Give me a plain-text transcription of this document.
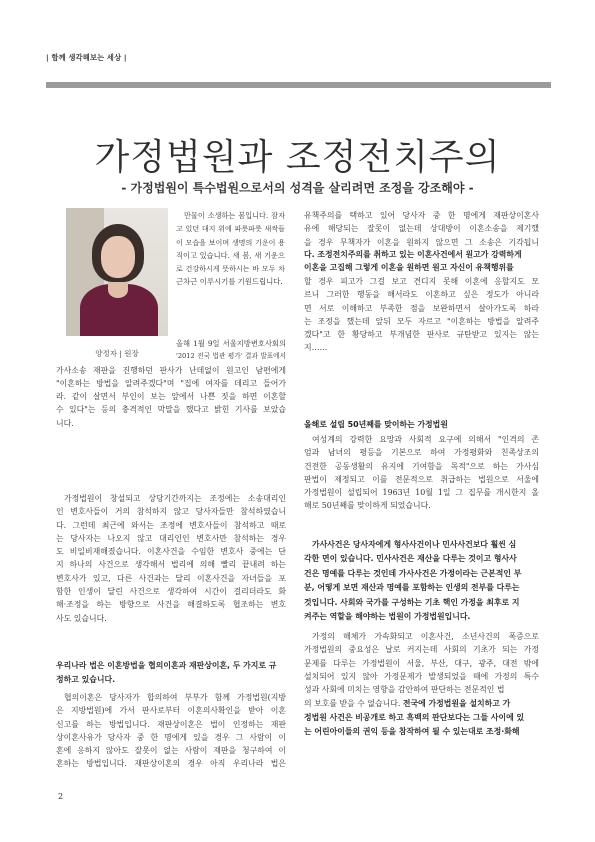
| 함께 생각해보는 세상 |
가정법원과 조정전치주의
- 가정법원이 특수법원으로서의 성격을 살리려면 조정을 강조해야 -
양정자 | 원장
만물이 소생하는 봄입니다. 잠자
고 있던 대지 위에 파릇파릇 새싹들
이 모습을 보이며 생명의 기운이 용
직이고 있습니다. 새 봄, 새 기운으
로 건강하시게 뜻하시는 바 모두 차
근차근 이루시기를 기원드립니다.
올해 1월 9일 서울지방변호사회의
'2012 전국 법관 평가' 결과 발표에서
가사소송 재판을 진행하던 판사가 난데없이 원고인 남편에게
"이혼하는 방법을 알려주겠다"며 "집에 여자를 데리고 들어가
라. 같이 살면서 부인이 보는 앞에서 나쁜 짓을 하면 이혼할
수 있다"는 등의 충격적인 막말을 했다고 밝힌 기사를 보았습
니다.
가정법원이 창설되고 상당기간까지는 조정에는 소송대리인
인 변호사들이 거의 참석하지 않고 당사자들만 참석하였습니
다. 그런데 최근에 와서는 조정에 변호사들이 참석하고 때로
는 당사자는 나오지 않고 대리인인 변호사만 참석하는 경우
도 비일비재해졌습니다. 이혼사건을 수임한 변호사 중에는 단
지 하나의 사건으로 생각해서 법리에 의해 빨리 끝내려 하는
변호사가 있고, 다른 사건과는 달리 이혼사건을 자녀들을 포
함한 인생이 달린 사건으로 생각하여 시간이 걸리더라도 화
해·조정을 하는 방향으로 사건을 해결하도록 협조하는 변호
사도 있습니다.
우리나라 법은 이혼방법을 협의이혼과 재판상이혼, 두 가지로 규
정하고 있습니다.
협의이혼은 당사자가 합의하여 부부가 함께 가정법원(지방
은 지방법원)에 가서 판사로부터 이혼의사확인을 받아 이혼
신고를 하는 방법입니다. 재판상이혼은 법이 인정하는 재판
상이혼사유가 당사자 중 한 명에게 있을 경우 그 사람이 이
혼에 응하지 않아도 잘못이 없는 사람이 재판을 청구하여 이
혼하는 방법입니다. 재판상이혼의 경우 아직 우리나라 법은
유책주의를 택하고 있어 당사자 중 한 명에게 재판상이혼사
유에 해당되는 잘못이 없는데 상대방이 이혼소송을 제기했
을 경우 무책자가 이혼을 원하지 않으면 그 소송은 기각됩니
다. 조정전치주의를 취하고 있는 이혼사건에서 원고가 강력하게
이혼을 고집해 그렇게 이혼을 원하면 원고 자신이 유책행위를
할 경우 피고가 그걸 보고 견디지 못해 이혼에 응할지도 모
르니 그러한 행동을 해서라도 이혼하고 싶은 정도가 아니라
면 서로 이해하고 부족한 점을 보완하면서 살아가도록 하라
는 조정을 했는데 앞뒤 모두 자르고 "이혼하는 방법을 알려주
겠다"고 한 황당하고 부개념한 판사로 규탄받고 있지는 않는
지……
올해로 설립 50년째를 맞이하는 가정법원
여성계의 강력한 요망과 사회적 요구에 의해서 "인격의 존
엄과 남녀의 평등을 기본으로 하여 가정평화와 친족상조의
건전한 공동생활의 유지에 기여함을 목적"으로 하는 가사심
판법이 제정되고 이를 전문적으로 취급하는 법원으로 서울에
가정법원이 설립되어 1963년 10월 1일 그 집무를 개시한지 올
해로 50년째를 맞이하게 되었습니다.
가사사건은 당사자에게 형사사건이나 민사사건보다 훨씬 심
각한 면이 있습니다. 민사사건은 재산을 다루는 것이고 형사사
건은 명예를 다루는 것인데 가사사건은 가정이라는 근본적인 부
분, 어떻게 보면 재산과 명예를 포함하는 인생의 전부를 다루는
것입니다. 사회와 국가를 구성하는 기초 핵인 가정을 최후로 지
켜주는 역할을 해야하는 법원이 가정법원입니다.
가정의 해체가 가속화되고 이혼사건, 소년사건의 폭증으로
가정법원의 중요성은 날로 커지는데 사회의 기초가 되는 가정
문제를 다루는 가정법원이 서울, 부산, 대구, 광주, 대전 밖에
설치되어 있지 않아 가정문제가 발생되었을 때에 가정의 특수
성과 사회에 미치는 영향을 감안하여 판단하는 전문적인 법
의 보호를 받을 수 없습니다. 전국에 가정법원을 설치하고 가
정법원 사건은 비공개로 하고 흑백의 판단보다는 그들 사이에 있
는 어린아이들의 권익 등을 참작하여 될 수 있는대로 조정·화해
2
